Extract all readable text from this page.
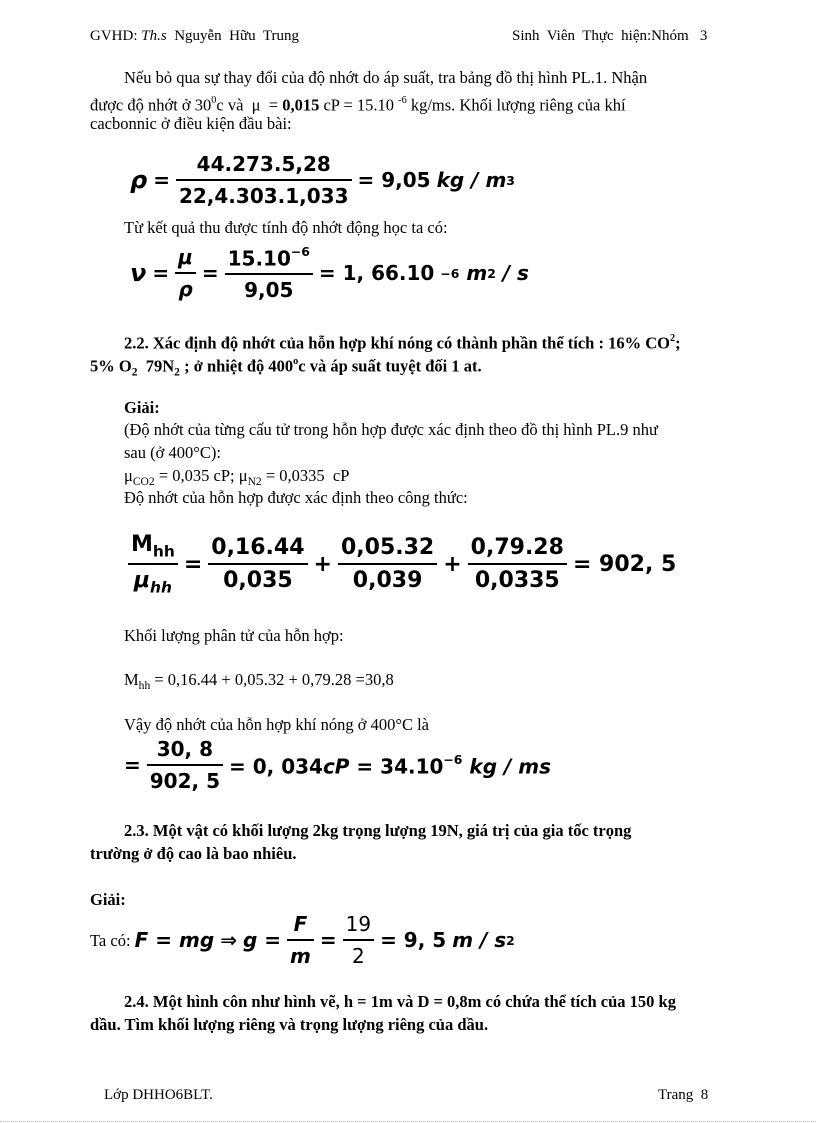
GVHD: Th.s  Nguyễn  Hữu  Trung	Sinh  Viên  Thực  hiện:Nhóm   3
Nếu bỏ qua sự thay đổi của độ nhớt do áp suất, tra bảng đồ thị hình PL.1. Nhận
được độ nhớt ở $30^0c$ và  μ  = 0,015 cP = 15.10 $^{-6}$ kg/ms. Khối lượng riêng của khí
cacbonnic ở điều kiện đầu bài:
$\rho = \frac{44.273.5,28}{22,4.303.1,033} = 9,05$ kg / m 3
Từ kết quả thu được tính độ nhớt động học ta có:
$\nu = \frac{\mu}{\rho} = \frac{15.10^{-6}}{9,05} = 1$, 66.10 −6
m 2 / s
2.2. Xác định độ nhớt của hỗn hợp khí nóng có thành phần thể tích : 16% $CO^2$;
5% $O_2$  $79N_2$ ; ở nhiệt độ 400$^o$c và áp suất tuyệt đối 1 at.
Giải:
(Độ nhớt của từng cấu tử trong hỗn hợp được xác định theo đồ thị hình PL.9 như
sau (ở 400°C):
$\mu_{CO2} = 0,035$ cP; $\mu_{N2} = 0,0335$  cP
Độ nhớt của hỗn hợp được xác định theo công thức:
$\frac{M_{hh}}{\mu_{hh}} = \frac{0,16.44}{0,035} + \frac{0,05.32}{0,039} + \frac{0,79.28}{0,0335} = 902$, 5
Khối lượng phân tử của hỗn hợp:
$M_{hh} = 0,16.44 + 0,05.32 + 0,79.28 =30,8$
Vậy độ nhớt của hỗn hợp khí nóng ở 400°C là
= $\frac{30, 8}{902, 5} = 0$, $034cP = 34.10^{-6}$ kg / ms
2.3. Một vật có khối lượng 2kg trọng lượng 19N, giá trị của gia tốc trọng
trường ở độ cao là bao nhiêu.
Giải:
Ta có: F = mg ⇒ $g = \frac{F}{m} = \frac{19}{2} = 9$, 5 m / s 2
2.4. Một hình côn như hình vẽ, h = 1m và D = 0,8m có chứa thể tích của 150 kg
dầu. Tìm khối lượng riêng và trọng lượng riêng của dầu.
Lớp DHHO6BLT.	Trang  8
